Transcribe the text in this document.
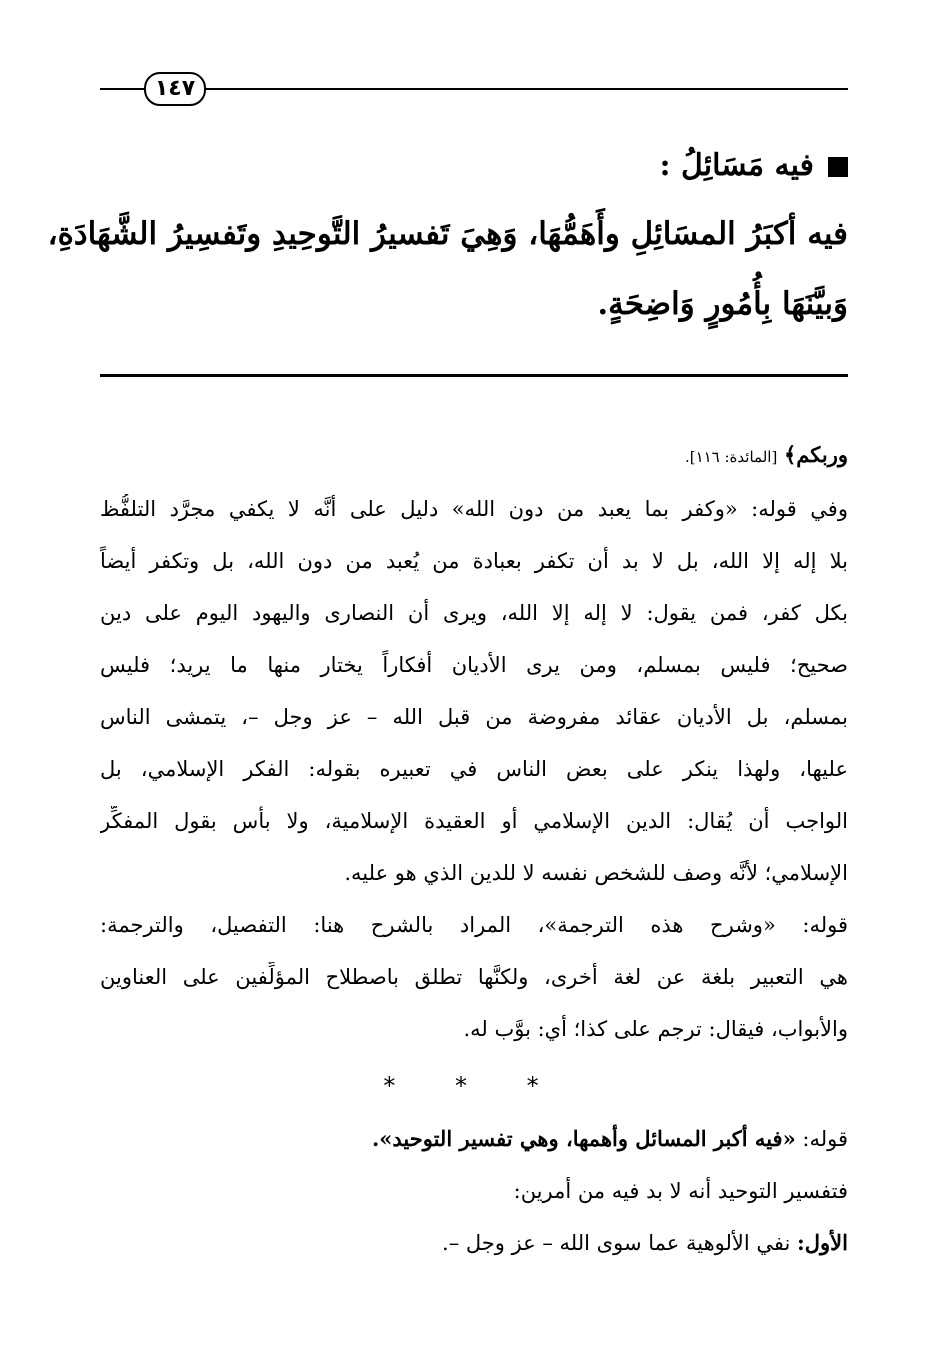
١٤٧
فيه مَسَائِلُ :
فيه أكبَرُ المسَائِلِ وأَهَمُّهَا، وَهِيَ تَفسيرُ التَّوحِيدِ وتَفسِيرُ الشَّهَادَةِ،
وَبيَّنَهَا بِأُمُورٍ وَاضِحَةٍ.
وربكم﴾ [المائدة: ١١٦].
وفي قوله: «وكفر بما يعبد من دون الله» دليل على أنَّه لا يكفي مجرَّد التلفُّظ
بلا إله إلا الله، بل لا بد أن تكفر بعبادة من يُعبد من دون الله، بل وتكفر أيضاً
بكل كفر، فمن يقول: لا إله إلا الله، ويرى أن النصارى واليهود اليوم على دين
صحيح؛ فليس بمسلم، ومن يرى الأديان أفكاراً يختار منها ما يريد؛ فليس
بمسلم، بل الأديان عقائد مفروضة من قبل الله – عز وجل –، يتمشى الناس
عليها، ولهذا ينكر على بعض الناس في تعبيره بقوله: الفكر الإسلامي، بل
الواجب أن يُقال: الدين الإسلامي أو العقيدة الإسلامية، ولا بأس بقول المفكِّر
الإسلامي؛ لأنَّه وصف للشخص نفسه لا للدين الذي هو عليه.
قوله: «وشرح هذه الترجمة»، المراد بالشرح هنا: التفصيل، والترجمة:
هي التعبير بلغة عن لغة أخرى، ولكنَّها تطلق باصطلاح المؤلِّفين على العناوين
والأبواب، فيقال: ترجم على كذا؛ أي: بوَّب له.
* * *
قوله: «فيه أكبر المسائل وأهمها، وهي تفسير التوحيد».
فتفسير التوحيد أنه لا بد فيه من أمرين:
الأول: نفي الألوهية عما سوى الله – عز وجل –.
